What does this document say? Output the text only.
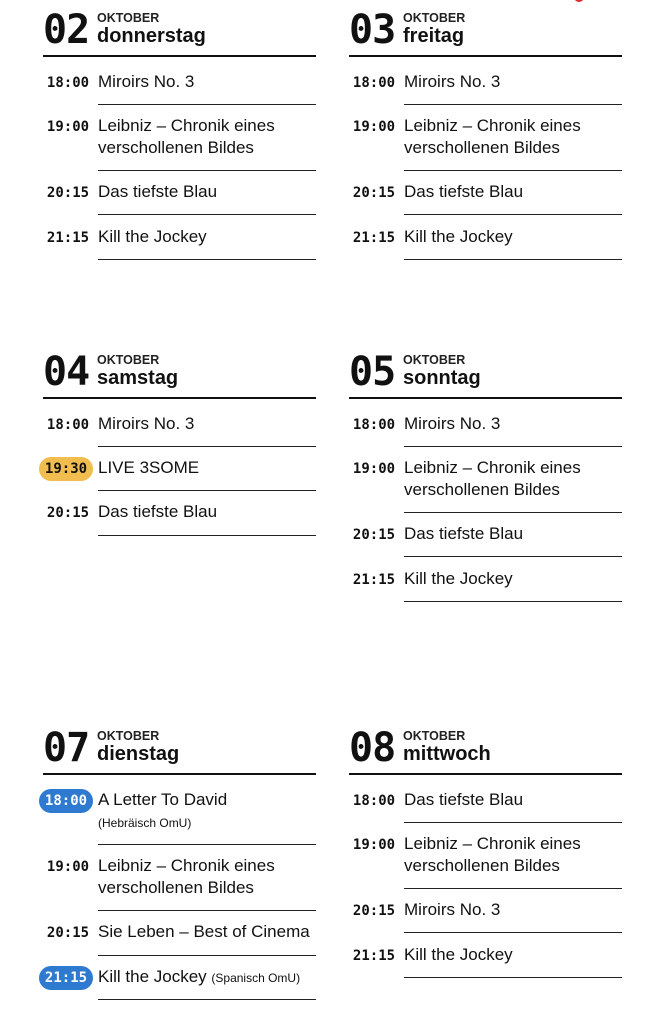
02 OKTOBER
donnerstag
18:00 Miroirs No. 3
19:00 Leibniz – Chronik eines verschollenen Bildes
20:15 Das tiefste Blau
21:15 Kill the Jockey
03 OKTOBER
freitag
18:00 Miroirs No. 3
19:00 Leibniz – Chronik eines verschollenen Bildes
20:15 Das tiefste Blau
21:15 Kill the Jockey
04 OKTOBER
samstag
18:00 Miroirs No. 3
19:30 LIVE 3SOME
20:15 Das tiefste Blau
05 OKTOBER
sonntag
18:00 Miroirs No. 3
19:00 Leibniz – Chronik eines verschollenen Bildes
20:15 Das tiefste Blau
21:15 Kill the Jockey
07 OKTOBER
dienstag
18:00 A Letter To David
(Hebräisch OmU)
19:00 Leibniz – Chronik eines verschollenen Bildes
20:15 Sie Leben – Best of Cinema
21:15 Kill the Jockey (Spanisch OmU)
08 OKTOBER
mittwoch
18:00 Das tiefste Blau
19:00 Leibniz – Chronik eines verschollenen Bildes
20:15 Miroirs No. 3
21:15 Kill the Jockey
